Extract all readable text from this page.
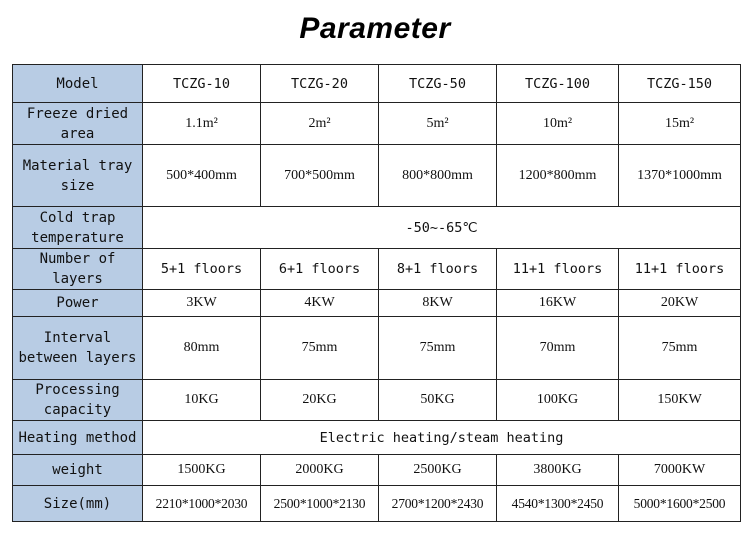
Parameter
Model	TCZG-10	TCZG-20	TCZG-50	TCZG-100	TCZG-150
Freeze dried area	1.1m²	2m²	5m²	10m²	15m²
Material tray size	500*400mm	700*500mm	800*800mm	1200*800mm	1370*1000mm
Cold trap temperature	-50~-65℃				
Number of layers	5+1 floors	6+1 floors	8+1 floors	11+1 floors	11+1 floors
Power	3KW	4KW	8KW	16KW	20KW
Interval between layers	80mm	75mm	75mm	70mm	75mm
Processing capacity	10KG	20KG	50KG	100KG	150KW
Heating method	Electric heating/steam heating				
weight	1500KG	2000KG	2500KG	3800KG	7000KW
Size(mm)	2210*1000*2030	2500*1000*2130	2700*1200*2430	4540*1300*2450	5000*1600*2500
